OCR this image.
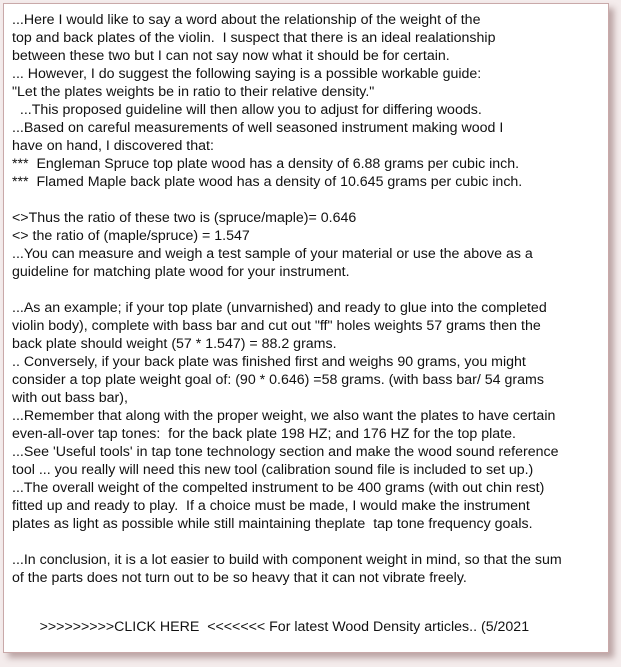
...Here I would like to say a word about the relationship of the weight of the
top and back plates of the violin.  I suspect that there is an ideal realationship
between these two but I can not say now what it should be for certain.
... However, I do suggest the following saying is a possible workable guide:
"Let the plates weights be in ratio to their relative density."
...This proposed guideline will then allow you to adjust for differing woods.
...Based on careful measurements of well seasoned instrument making wood I
have on hand, I discovered that:
***  Engleman Spruce top plate wood has a density of 6.88 grams per cubic inch.
***  Flamed Maple back plate wood has a density of 10.645 grams per cubic inch.
<>Thus the ratio of these two is (spruce/maple)= 0.646
<> the ratio of (maple/spruce) = 1.547
...You can measure and weigh a test sample of your material or use the above as a
guideline for matching plate wood for your instrument.
...As an example; if your top plate (unvarnished) and ready to glue into the completed
violin body), complete with bass bar and cut out "ff" holes weights 57 grams then the
back plate should weight (57 * 1.547) = 88.2 grams.
.. Conversely, if your back plate was finished first and weighs 90 grams, you might
consider a top plate weight goal of: (90 * 0.646) =58 grams. (with bass bar/ 54 grams
with out bass bar),
...Remember that along with the proper weight, we also want the plates to have certain
even-all-over tap tones:  for the back plate 198 HZ; and 176 HZ for the top plate.
...See 'Useful tools' in tap tone technology section and make the wood sound reference
tool ... you really will need this new tool (calibration sound file is included to set up.)
...The overall weight of the compelted instrument to be 400 grams (with out chin rest)
fitted up and ready to play.  If a choice must be made, I would make the instrument
plates as light as possible while still maintaining theplate  tap tone frequency goals.
...In conclusion, it is a lot easier to build with component weight in mind, so that the sum
of the parts does not turn out to be so heavy that it can not vibrate freely.

>>>>>>>>>CLICK HERE  <<<<<<< For latest Wood Density articles.. (5/2021
